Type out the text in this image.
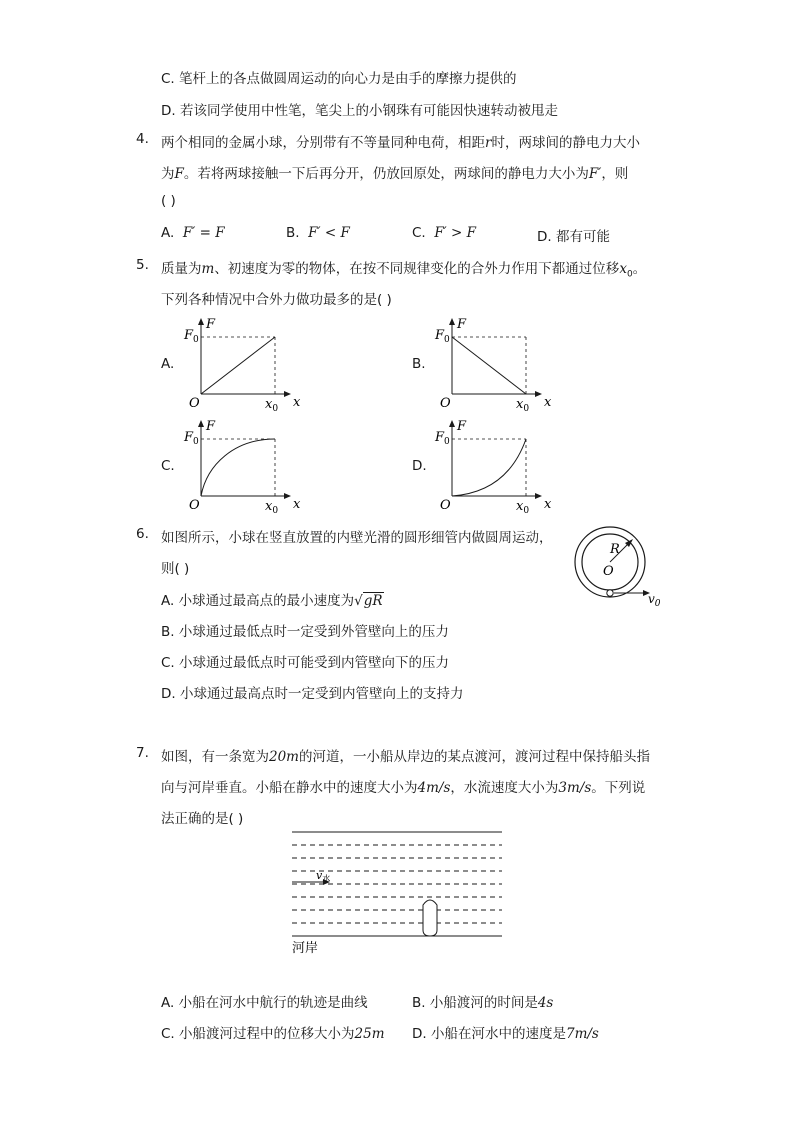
C. 笔杆上的各点做圆周运动的向心力是由手的摩擦力提供的
D. 若该同学使用中性笔，笔尖上的小钢珠有可能因快速转动被甩走
4. 两个相同的金属小球，分别带有不等量同种电荷，相距r时，两球间的静电力大小
为F。若将两球接触一下后再分开，仍放回原处，两球间的静电力大小为F′，则
( )
A. F′ = F	B. F′ < F	C. F′ > F	D. 都有可能
5. 质量为m、初速度为零的物体，在按不同规律变化的合外力作用下都通过位移$x_0$。
下列各种情况中合外力做功最多的是( )
A.	B.
C.	D.
F
x
O
$F_0$
$x_0$
F
x
O
$F_0$
$x_0$
F
x
O
$F_0$
$x_0$
F
x
O
$F_0$
$x_0$
6. 如图所示，小球在竖直放置的内壁光滑的圆形细管内做圆周运动，
则( )
A. 小球通过最高点的最小速度为√gR
B. 小球通过最低点时一定受到外管壁向上的压力
C. 小球通过最低点时可能受到内管壁向下的压力
D. 小球通过最高点时一定受到内管壁向上的支持力
R
O
$v_0$
7. 如图，有一条宽为20m的河道，一小船从岸边的某点渡河，渡河过程中保持船头指
向与河岸垂直。小船在静水中的速度大小为4m/s，水流速度大小为3m/s。下列说
法正确的是( )
v水
河岸
A. 小船在河水中航行的轨迹是曲线	B. 小船渡河的时间是4s
C. 小船渡河过程中的位移大小为25m D. 小船在河水中的速度是7m/s
